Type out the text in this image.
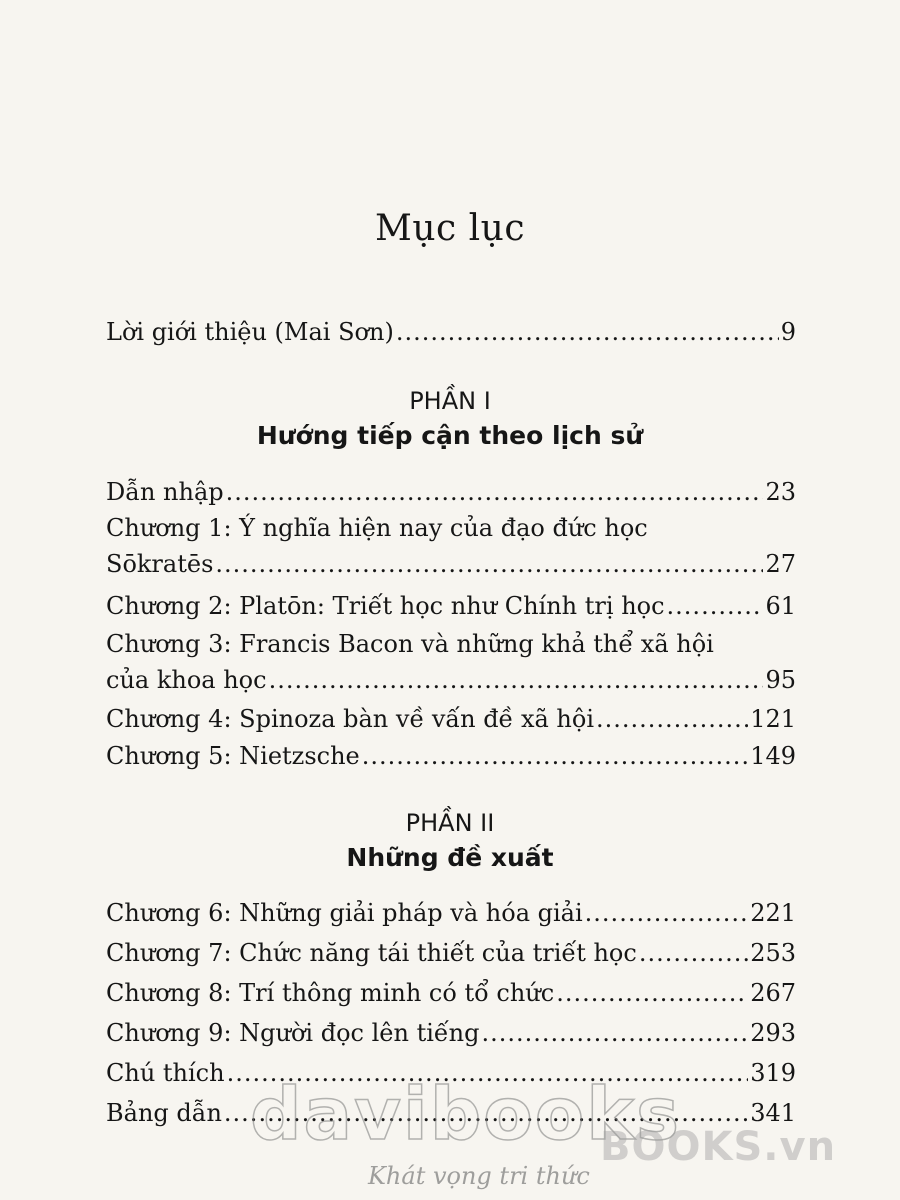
Mục lục
Lời giới thiệu (Mai Sơn) .....	9
PHẦN I
Hướng tiếp cận theo lịch sử
Dẫn nhập .....	23
Chương 1: Ý nghĩa hiện nay của đạo đức học
Sōkratēs .....	27
Chương 2: Platōn: Triết học như Chính trị học .....	61
Chương 3: Francis Bacon và những khả thể xã hội
của khoa học .....	95
Chương 4: Spinoza bàn về vấn đề xã hội .....	121
Chương 5: Nietzsche .....	149
PHẦN II
Những đề xuất
Chương 6: Những giải pháp và hóa giải .....	221
Chương 7: Chức năng tái thiết của triết học .....	253
Chương 8: Trí thông minh có tổ chức .....	267
Chương 9: Người đọc lên tiếng .....	293
Chú thích .....	319
Bảng dẫn .....	341
davibooks
BOOKS.vn
Khát vọng tri thức
